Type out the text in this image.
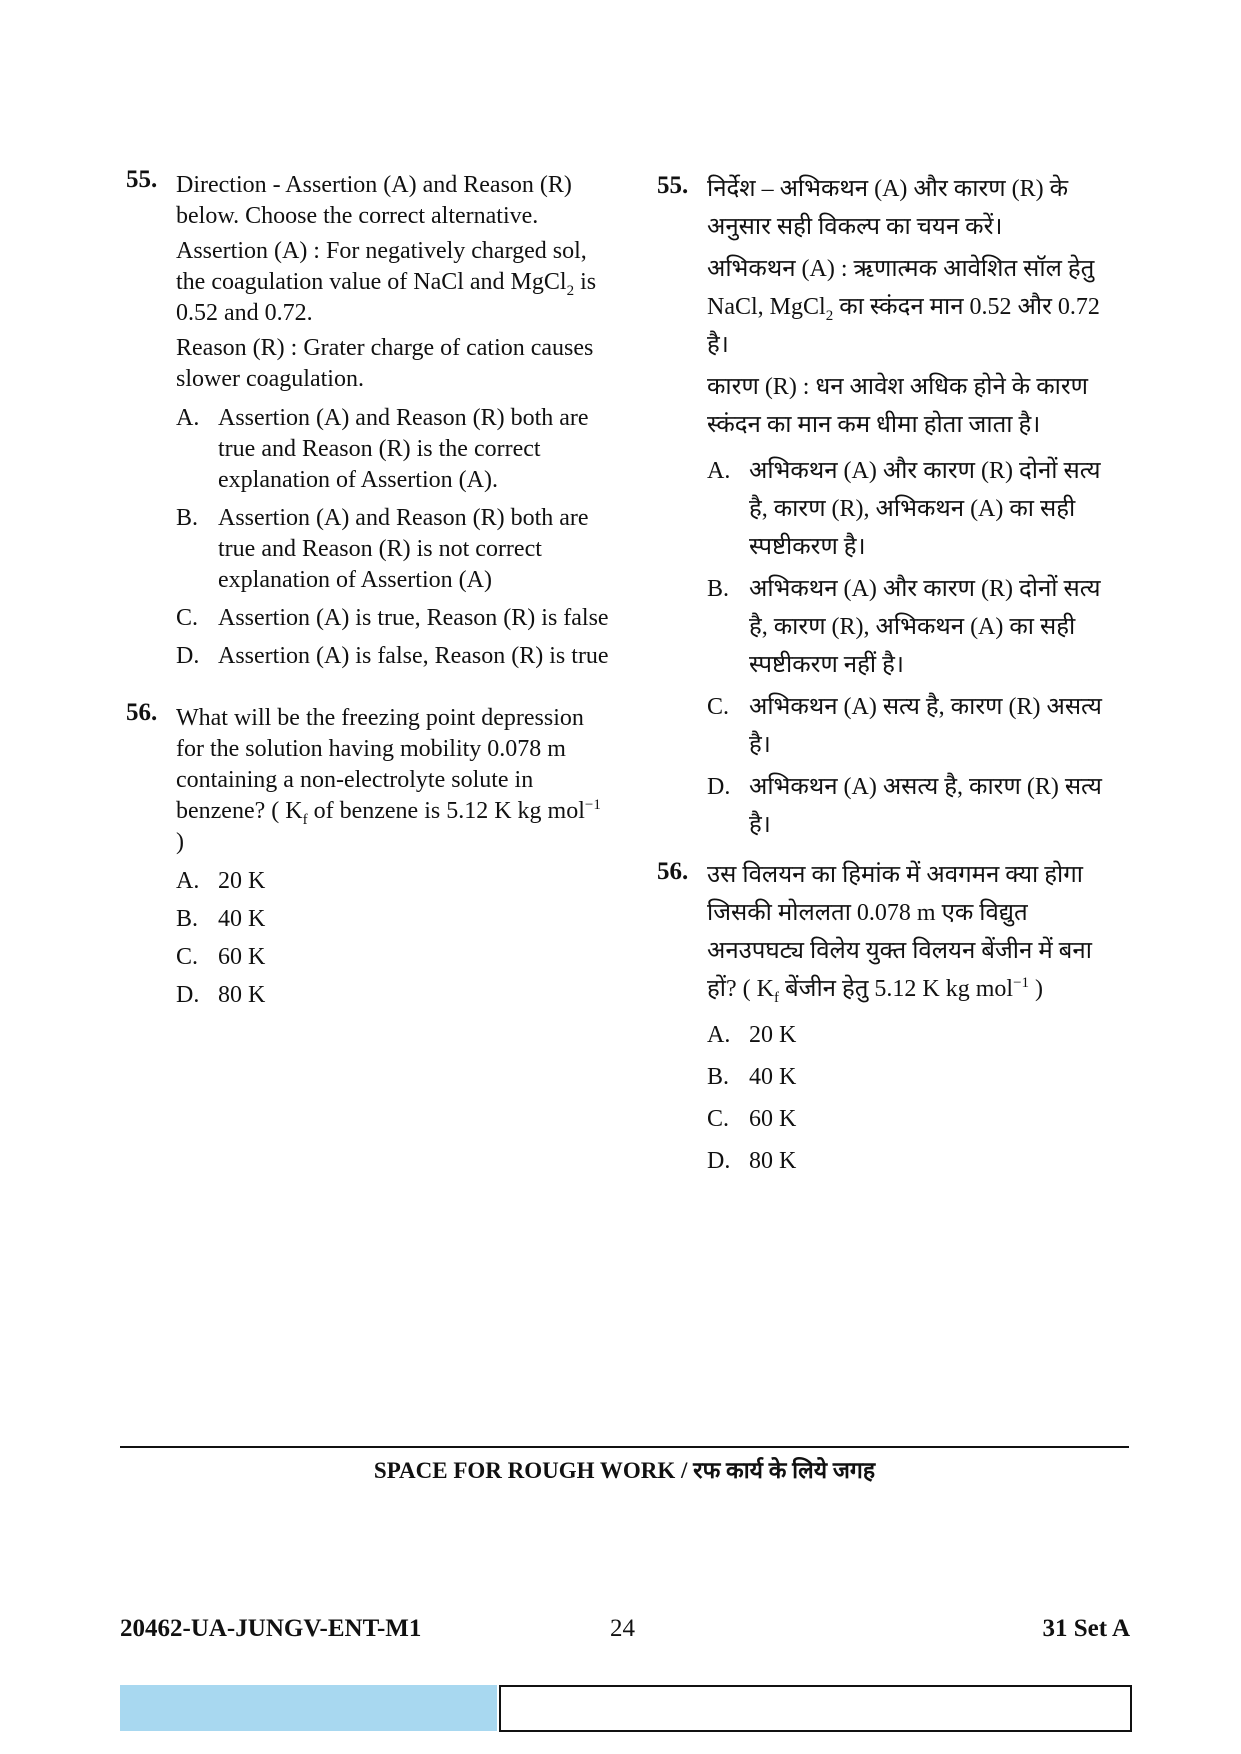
55. Direction - Assertion (A) and Reason (R) below. Choose the correct alternative.
Assertion (A) : For negatively charged sol, the coagulation value of NaCl and MgCl$_2$ is 0.52 and 0.72.
Reason (R) : Grater charge of cation causes slower coagulation.
A. Assertion (A) and Reason (R) both are true and Reason (R) is the correct explanation of Assertion (A).
B. Assertion (A) and Reason (R) both are true and Reason (R) is not correct explanation of Assertion (A)
C. Assertion (A) is true, Reason (R) is false
D. Assertion (A) is false, Reason (R) is true
56. What will be the freezing point depression for the solution having mobility 0.078 m containing a non-electrolyte solute in benzene? ( $K_f$ of benzene is 5.12 K kg mol$^{-1}$ )
A. 20 K
B. 40 K
C. 60 K
D. 80 K
55. निर्देश – अभिकथन (A) और कारण (R) के अनुसार सही विकल्प का चयन करें।
अभिकथन (A) : ऋणात्मक आवेशित सॉल हेतु NaCl, MgCl$_2$ का स्कंदन मान 0.52 और 0.72 है।
कारण (R) : धन आवेश अधिक होने के कारण स्कंदन का मान कम धीमा होता जाता है।
A. अभिकथन (A) और कारण (R) दोनों सत्य है, कारण (R), अभिकथन (A) का सही स्पष्टीकरण है।
B. अभिकथन (A) और कारण (R) दोनों सत्य है, कारण (R), अभिकथन (A) का सही स्पष्टीकरण नहीं है।
C. अभिकथन (A) सत्य है, कारण (R) असत्य है।
D. अभिकथन (A) असत्य है, कारण (R) सत्य है।
56. उस विलयन का हिमांक में अवगमन क्या होगा जिसकी मोललता 0.078 m एक विद्युत अनउपघट्य विलेय युक्त विलयन बेंजीन में बना हों? ( $K_f$ बेंजीन हेतु 5.12 K kg mol$^{-1}$ )
A. 20 K
B. 40 K
C. 60 K
D. 80 K
SPACE FOR ROUGH WORK / रफ कार्य के लिये जगह
20462-UA-JUNGV-ENT-M1	24	31 Set A
